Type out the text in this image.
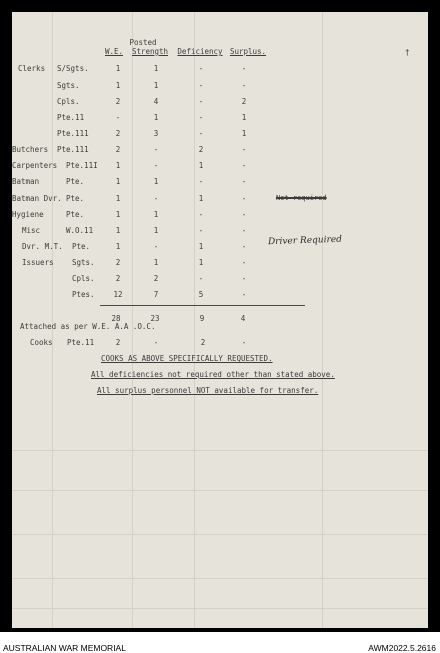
Posted
W.E. Strength Deficiency Surplus.	†
Clerks S/Sgts.	1	1	-	-
Sgts.	1	1	-	-
Cpls.	2	4	-	2
Pte.11	-	1	-	1
Pte.111	2	3	-	1
Butchers Pte.111	2	-	2	-
Carpenters Pte.11I 1	-	1	-
Batman	Pte.	1	1	-	-
Batman Dvr. Pte.	1	-	1	-
Hygiene	Pte.	1	1	-	-
Misc	W.O.11	1	1	-	-
Dvr. M.T. Pte.	1	-	1	-
Issuers Sgts.	2	1	1	-
Cpls.	2	2	-	-
Ptes.	12	7	5	-
28	23	9	4
Attached as per W.E. A.A .O.C.
Cooks Pte.11	2	-	2	-
COOKS AS ABOVE SPECIFICALLY REQUESTED.
All deficiencies not required other than stated above.
All surplus personnel NOT available for transfer.
Not required
Driver Required
AUSTRALIAN WAR MEMORIAL	AWM2022.5.2616
